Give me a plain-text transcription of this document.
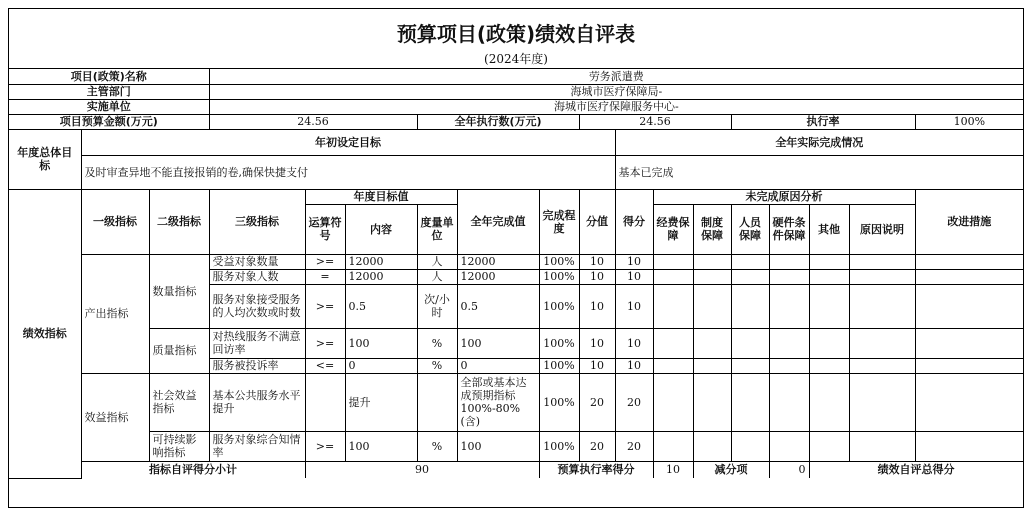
预算项目(政策)绩效自评表
(2024年度)
项目(政策)名称			劳务派遣费															
主管部门			海城市医疗保障局-															
实施单位			海城市医疗保障服务中心-															
项目预算金额(万元)			24.56			全年执行数(万元)			24.56				执行率				100%	
年度总体目标	年初设定目标									全年实际完成情况								
	及时审查异地不能直接报销的卷,确保快捷支付									基本已完成								
绩效指标	一级指标	二级指标	三级指标	年度目标值			全年完成值	完成程度	分值	得分	未完成原因分析						改进措施	
				运算符号	内容	度量单位					经费保障	制度保障	人员保障	硬件条件保障	其他	原因说明		
	产出指标	数量指标	受益对象数量	>=	12000	人	12000	100%	10	10								
			服务对象人数	=	12000	人	12000	100%	10	10								
			服务对象接受服务的人均次数或时数	>=	0.5	次/小时	0.5	100%	10	10								
		质量指标	对热线服务不满意回访率	>=	100	%	100	100%	10	10								
			服务被投诉率	<=	0	%	0	100%	10	10								
	效益指标	社会效益指标	基本公共服务水平提升		提升		全部或基本达成预期指标100%-80%(含)	100%	20	20								
		可持续影响指标	服务对象综合知情率	>=	100	%	100	100%	20	20								
	指标自评得分小计			90				预算执行率得分			10	减分项		0	绩效自评总得分	
